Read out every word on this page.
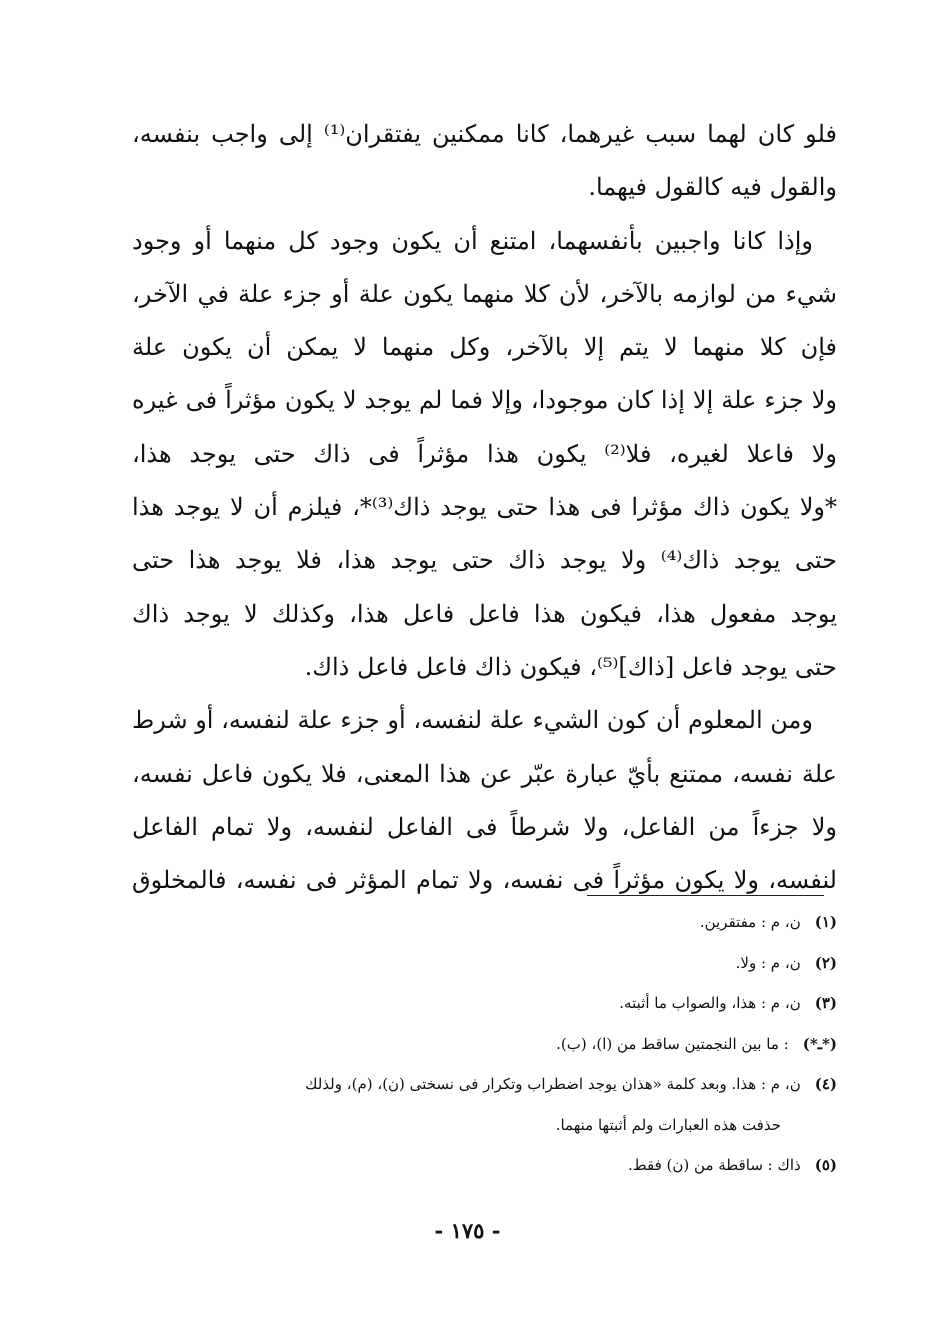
فلو كان لهما سبب غيرهما، كانا ممكنين يفتقران⁽¹⁾ إلى واجب بنفسه،
والقول فيه كالقول فيهما.
وإذا كانا واجبين بأنفسهما، امتنع أن يكون وجود كل منهما أو وجود
شيء من لوازمه بالآخر، لأن كلا منهما يكون علة أو جزء علة في الآخر،
فإن كلا منهما لا يتم إلا بالآخر، وكل منهما لا يمكن أن يكون علة
ولا جزء علة إلا إذا كان موجودا، وإلا فما لم يوجد لا يكون مؤثراً فى غيره
ولا فاعلا لغيره، فلا⁽²⁾ يكون هذا مؤثراً فى ذاك حتى يوجد هذا،
*ولا يكون ذاك مؤثرا فى هذا حتى يوجد ذاك⁽³⁾*، فيلزم أن لا يوجد هذا
حتى يوجد ذاك⁽⁴⁾ ولا يوجد ذاك حتى يوجد هذا، فلا يوجد هذا حتى
يوجد مفعول هذا، فيكون هذا فاعل فاعل هذا، وكذلك لا يوجد ذاك
حتى يوجد فاعل [ذاك]⁽⁵⁾، فيكون ذاك فاعل فاعل ذاك.
ومن المعلوم أن كون الشيء علة لنفسه، أو جزء علة لنفسه، أو شرط
علة نفسه، ممتنع بأيّ عبارة عبّر عن هذا المعنى، فلا يكون فاعل نفسه،
ولا جزءاً من الفاعل، ولا شرطاً فى الفاعل لنفسه، ولا تمام الفاعل
لنفسه، ولا يكون مؤثراً فى نفسه، ولا تمام المؤثر فى نفسه، فالمخلوق
(١)ن، م : مفتقرين.
(٢)ن، م : ولا.
(٣)ن، م : هذا، والصواب ما أثبته.
(*ـ*): ما بين النجمتين ساقط من (ا)، (ب).
(٤)ن، م : هذا. وبعد كلمة «هذان يوجد اضطراب وتكرار فى نسختى (ن)، (م)، ولذلك
حذفت هذه العبارات ولم أثبتها منهما.
(٥)ذاك : ساقطة من (ن) فقط.
- ١٧٥ -
